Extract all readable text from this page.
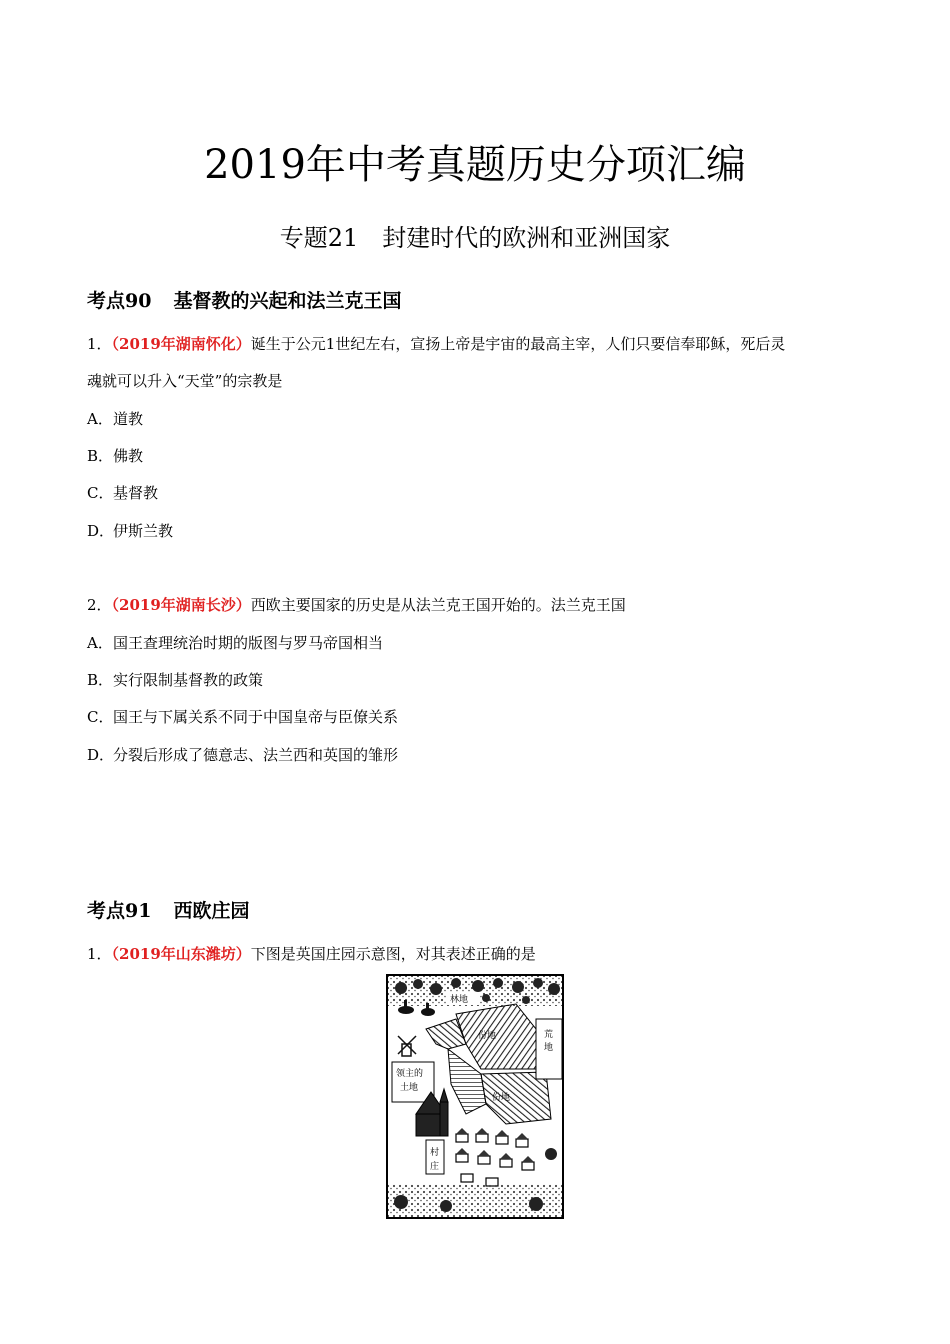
2019年中考真题历史分项汇编
专题21　封建时代的欧洲和亚洲国家
考点90 基督教的兴起和法兰克王国
1．（2019年湖南怀化）诞生于公元1世纪左右，宣扬上帝是宇宙的最高主宰，人们只要信奉耶稣，死后灵
魂就可以升入“天堂”的宗教是
A．道教
B．佛教
C．基督教
D．伊斯兰教
2．（2019年湖南长沙）西欧主要国家的历史是从法兰克王国开始的。法兰克王国
A．国王查理统治时期的版图与罗马帝国相当
B．实行限制基督教的政策
C．国王与下属关系不同于中国皇帝与臣僚关系
D．分裂后形成了德意志、法兰西和英国的雏形
考点91 西欧庄园
1．（2019年山东潍坊）下图是英国庄园示意图，对其表述正确的是
林地
份地	荒
地
领主的
土地
份地
村
庄
